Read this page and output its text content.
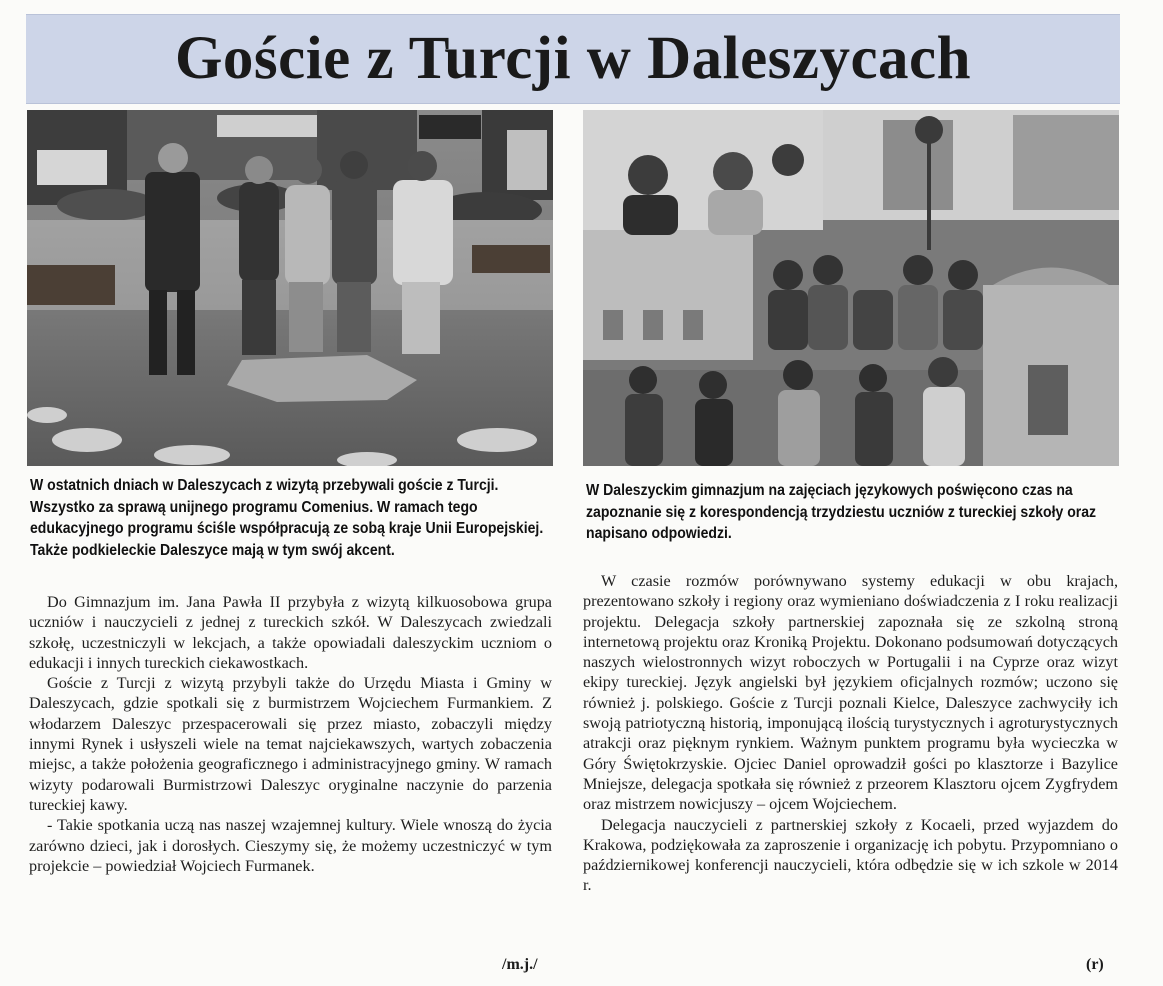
Goście z Turcji w Daleszycach
W ostatnich dniach w Daleszycach z wizytą przebywali goście z Turcji. Wszystko za sprawą unijnego programu Comenius. W ramach tego edukacyjnego programu ściśle współpracują ze sobą kraje Unii Europejskiej. Także podkieleckie Daleszyce mają w tym swój akcent.
W Daleszyckim gimnazjum na zajęciach językowych poświęcono czas na zapoznanie się z korespondencją trzydziestu uczniów z tureckiej szkoły oraz napisano odpowiedzi.

Do Gimnazjum im. Jana Pawła II przybyła z wizytą kilkuosobowa grupa uczniów i nauczycieli z jednej z tureckich szkół. W Daleszycach zwiedzali szkołę, uczestniczyli w lekcjach, a także opowiadali daleszyckim uczniom o edukacji i innych tureckich ciekawostkach.

Goście z Turcji z wizytą przybyli także do Urzędu Miasta i Gminy w Daleszycach, gdzie spotkali się z burmistrzem Wojciechem Furmankiem. Z włodarzem Daleszyc przespacerowali się przez miasto, zobaczyli między innymi Rynek i usłyszeli wiele na temat najciekawszych, wartych zobaczenia miejsc, a także położenia geograficznego i administracyjnego gminy. W ramach wizyty podarowali Burmistrzowi Daleszyc oryginalne naczynie do parzenia tureckiej kawy.

- Takie spotkania uczą nas naszej wzajemnej kultury. Wiele wnoszą do życia zarówno dzieci, jak i dorosłych. Cieszymy się, że możemy uczestniczyć w tym projekcie – powiedział Wojciech Furmanek.

W czasie rozmów porównywano systemy edukacji w obu krajach, prezentowano szkoły i regiony oraz wymieniano doświadczenia z I roku realizacji projektu. Delegacja szkoły partnerskiej zapoznała się ze szkolną stroną internetową projektu oraz Kroniką Projektu. Dokonano podsumowań dotyczących naszych wielostronnych wizyt roboczych w Portugalii i na Cyprze oraz wizyt ekipy tureckiej. Język angielski był językiem oficjalnych rozmów; uczono się również j. polskiego. Goście z Turcji poznali Kielce, Daleszyce zachwyciły ich swoją patriotyczną historią, imponującą ilością turystycznych i agroturystycznych atrakcji oraz pięknym rynkiem. Ważnym punktem programu była wycieczka w Góry Świętokrzyskie. Ojciec Daniel oprowadził gości po klasztorze i Bazylice Mniejsze, delegacja spotkała się również z przeorem Klasztoru ojcem Zygfrydem oraz mistrzem nowicjuszy – ojcem Wojciechem.

Delegacja nauczycieli z partnerskiej szkoły z Kocaeli, przed wyjazdem do Krakowa, podziękowała za zaproszenie i organizację ich pobytu. Przypomniano o październikowej konferencji nauczycieli, która odbędzie się w ich szkole w 2014 r.

/m.j./	(r)
